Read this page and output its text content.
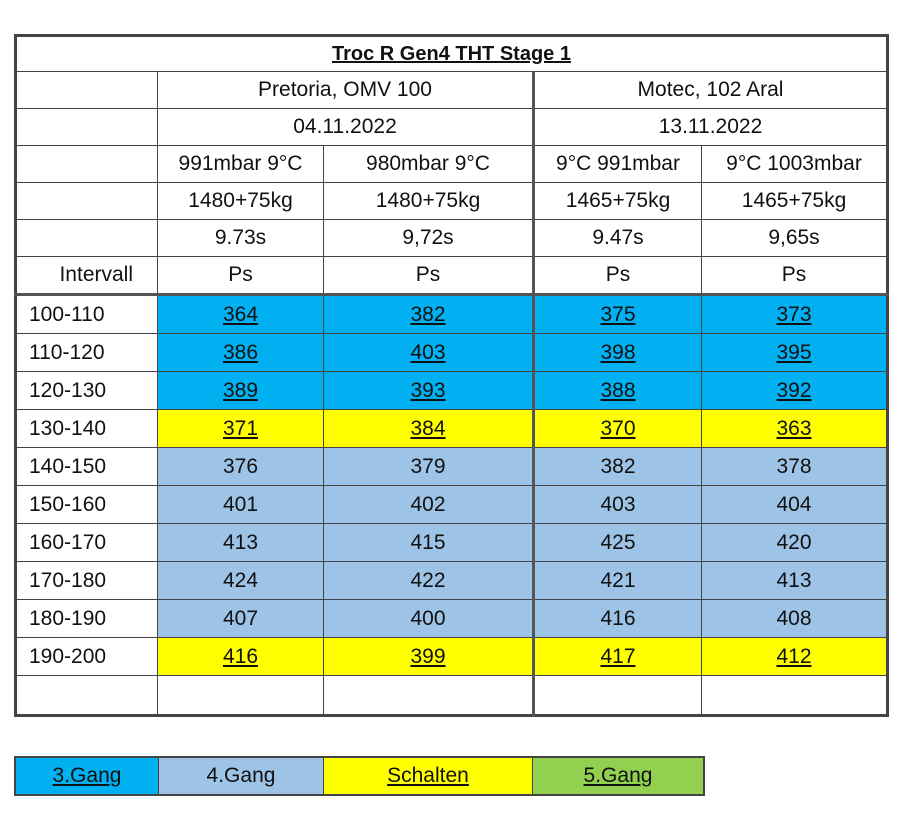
Troc R Gen4 THT Stage 1				
	Pretoria, OMV 100		Motec, 102 Aral	
	04.11.2022		13.11.2022	
	991mbar 9°C	980mbar 9°C	9°C 991mbar	9°C 1003mbar
	1480+75kg	1480+75kg	1465+75kg	1465+75kg
	9.73s	9,72s	9.47s	9,65s
Intervall	Ps	Ps	Ps	Ps
100-110	364	382	375	373
110-120	386	403	398	395
120-130	389	393	388	392
130-140	371	384	370	363
140-150	376	379	382	378
150-160	401	402	403	404
160-170	413	415	425	420
170-180	424	422	421	413
180-190	407	400	416	408
190-200	416	399	417	412

3.Gang	4.Gang	Schalten	5.Gang
